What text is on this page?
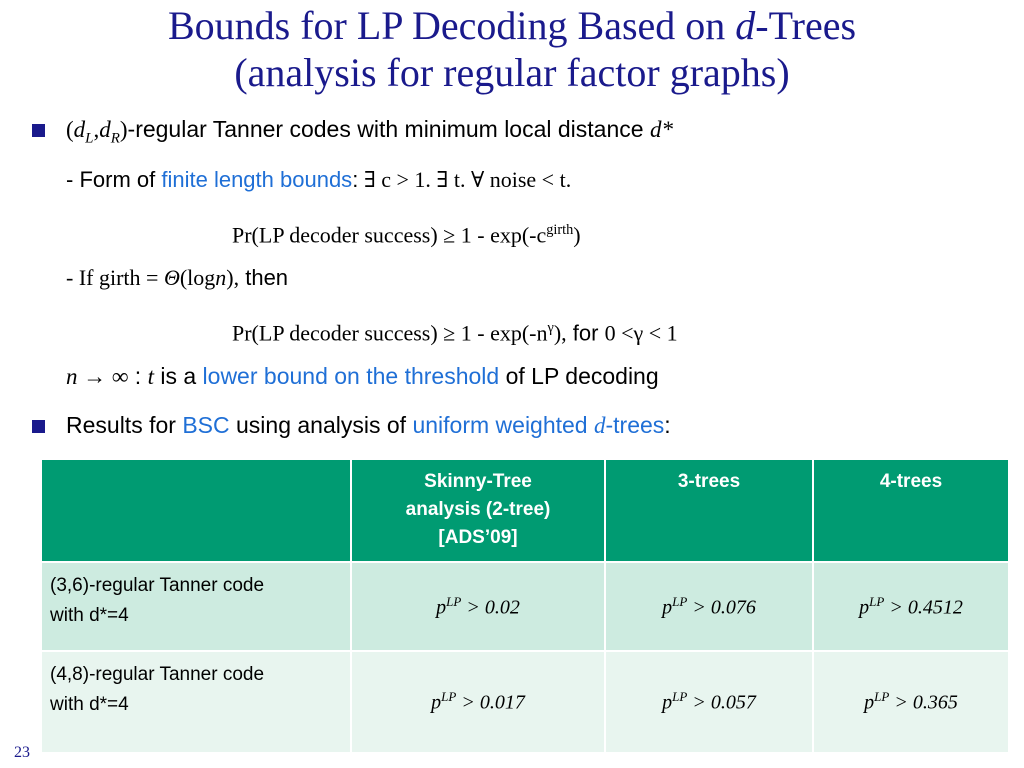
Bounds for LP Decoding Based on d-Trees
(analysis for regular factor graphs)
$(d_L,d_R)$-regular Tanner codes with minimum local distance d*
- Form of finite length bounds: ∃ c > 1. ∃ t. ∀ noise < t.
Pr(LP decoder success) ≥ $1 - \exp(-c^{girth})$
- If girth = Θ(logn), then
Pr(LP decoder success) ≥ $1 - \exp(-n^\gamma)$, for 0 <γ < 1
n → ∞ : t is a lower bound on the threshold of LP decoding
Results for BSC using analysis of uniform weighted d-trees:

	Skinny-Tree
analysis (2-tree)
[ADS’09]	3-trees	4-trees

(3,6)-regular Tanner code
with d*=4	$p^{LP} > 0.02$	$p^{LP} > 0.076$	$p^{LP} > 0.4512$

(4,8)-regular Tanner code
with d*=4	$p^{LP} > 0.017$	$p^{LP} > 0.057$	$p^{LP} > 0.365$
23
